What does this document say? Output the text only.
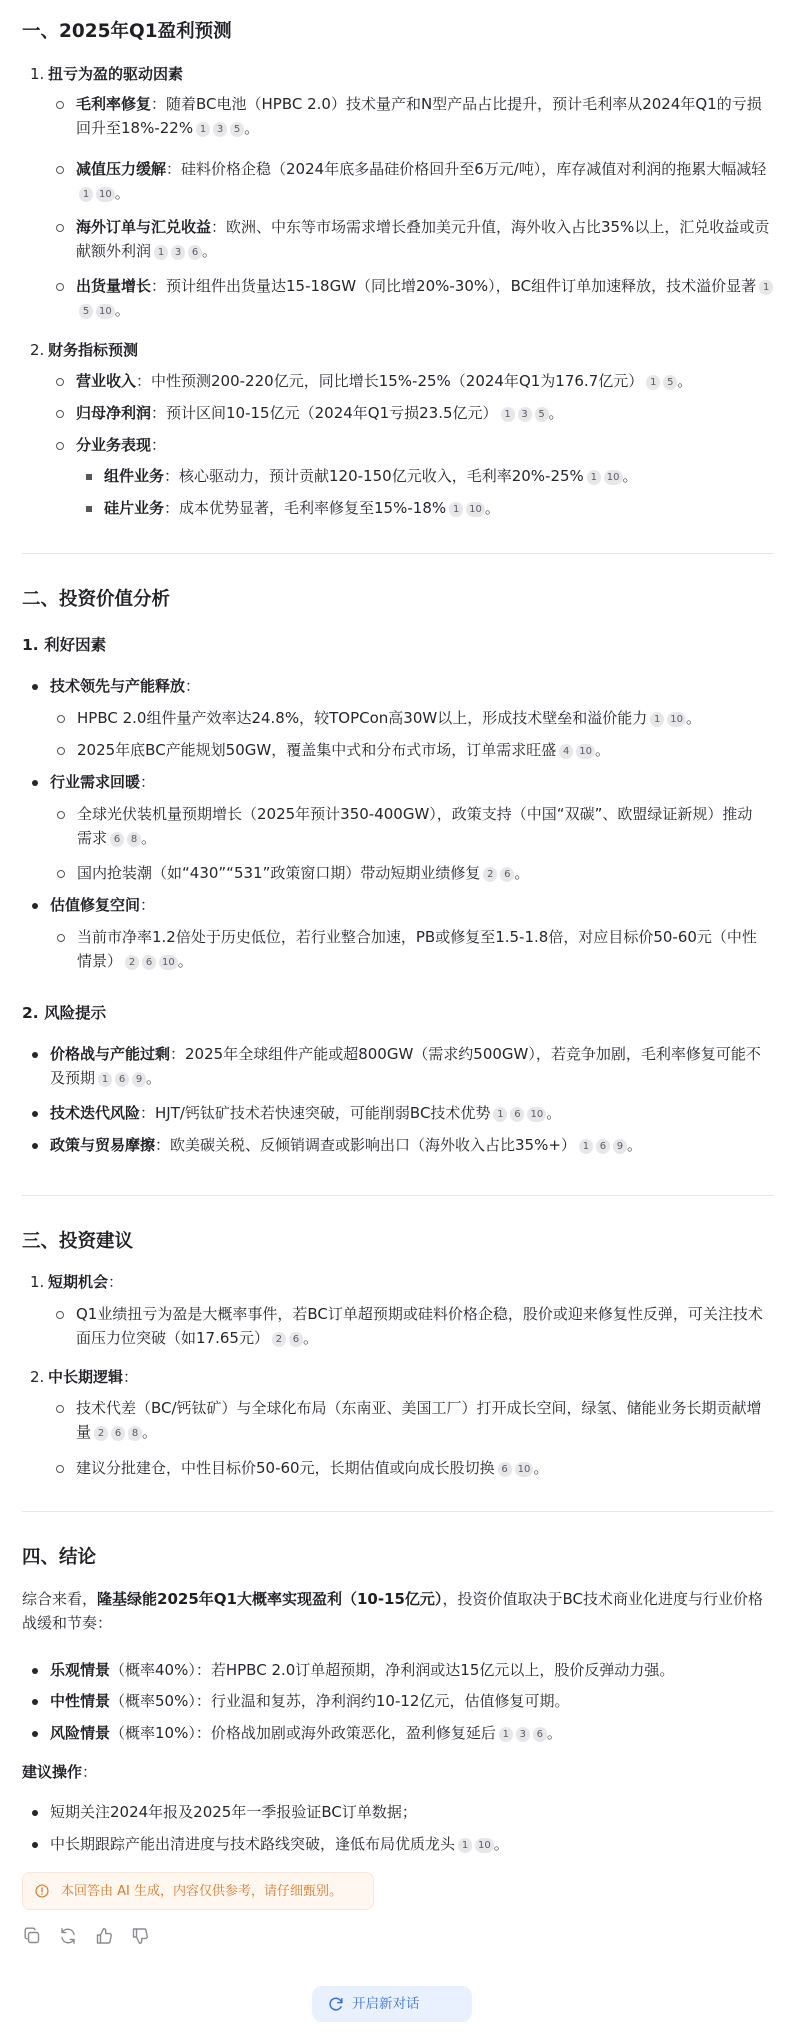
一、2025年Q1盈利预测
1. 扭亏为盈的驱动因素
毛利率修复：随着BC电池（HPBC 2.0）技术量产和N型产品占比提升，预计毛利率从2024年Q1的亏损回升至18%-22% 1 3 5 。
减值压力缓解：硅料价格企稳（2024年底多晶硅价格回升至6万元/吨），库存减值对利润的拖累大幅减轻1 10 。
海外订单与汇兑收益：欧洲、中东等市场需求增长叠加美元升值，海外收入占比35%以上，汇兑收益或贡献额外利润 1 3 6 。
出货量增长：预计组件出货量达15-18GW（同比增20%-30%），BC组件订单加速释放，技术溢价显著 15 10 。
2. 财务指标预测
营业收入：中性预测200-220亿元，同比增长15%-25%（2024年Q1为176.7亿元） 1 5 。
归母净利润：预计区间10-15亿元（2024年Q1亏损23.5亿元） 1 3 5 。
分业务表现：
组件业务：核心驱动力，预计贡献120-150亿元收入，毛利率20%-25% 1 10 。
硅片业务：成本优势显著，毛利率修复至15%-18% 1 10 。
二、投资价值分析
1. 利好因素
技术领先与产能释放：
HPBC 2.0组件量产效率达24.8%，较TOPCon高30W以上，形成技术壁垒和溢价能力 1 10 。
2025年底BC产能规划50GW，覆盖集中式和分布式市场，订单需求旺盛 4 10 。
行业需求回暖：
全球光伏装机量预期增长（2025年预计350-400GW），政策支持（中国“双碳”、欧盟绿证新规）推动需求 6 8 。
国内抢装潮（如“430”“531”政策窗口期）带动短期业绩修复 2 6 。
估值修复空间：
当前市净率1.2倍处于历史低位，若行业整合加速，PB或修复至1.5-1.8倍，对应目标价50-60元（中性情景） 2 6 10 。
2. 风险提示
价格战与产能过剩：2025年全球组件产能或超800GW（需求约500GW），若竞争加剧，毛利率修复可能不及预期 1 6 9 。
技术迭代风险：HJT/钙钛矿技术若快速突破，可能削弱BC技术优势 1 6 10 。
政策与贸易摩擦：欧美碳关税、反倾销调查或影响出口（海外收入占比35%+） 1 6 9 。
三、投资建议
1. 短期机会：
Q1业绩扭亏为盈是大概率事件，若BC订单超预期或硅料价格企稳，股价或迎来修复性反弹，可关注技术面压力位突破（如17.65元） 2 6 。
2. 中长期逻辑：
技术代差（BC/钙钛矿）与全球化布局（东南亚、美国工厂）打开成长空间，绿氢、储能业务长期贡献增量 2 6 8 。
建议分批建仓，中性目标价50-60元，长期估值或向成长股切换 6 10 。
四、结论
综合来看，隆基绿能2025年Q1大概率实现盈利（10-15亿元），投资价值取决于BC技术商业化进度与行业价格战缓和节奏：
乐观情景（概率40%）：若HPBC 2.0订单超预期，净利润或达15亿元以上，股价反弹动力强。
中性情景（概率50%）：行业温和复苏，净利润约10-12亿元，估值修复可期。
风险情景（概率10%）：价格战加剧或海外政策恶化，盈利修复延后 1 3 6 。
建议操作：
短期关注2024年报及2025年一季报验证BC订单数据；
中长期跟踪产能出清进度与技术路线突破，逢低布局优质龙头 1 10 。
本回答由 AI 生成，内容仅供参考，请仔细甄别。
开启新对话
